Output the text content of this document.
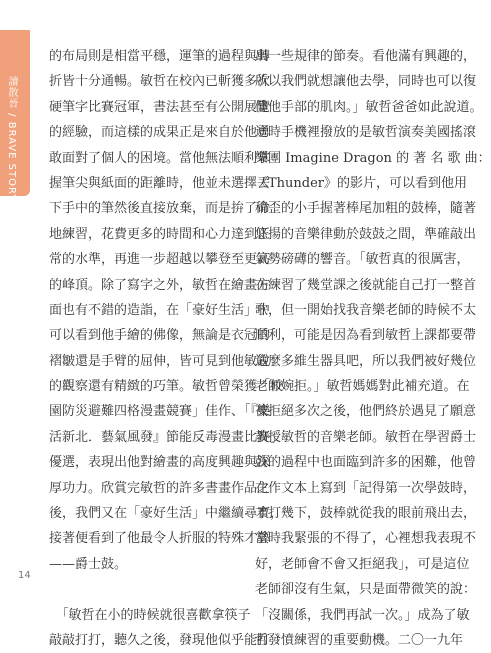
讀散晉 / BRAVE STORY
的布局則是相當平穩，運筆的過程與轉
折皆十分通暢。敏哲在校內已斬獲多次
硬筆字比賽冠軍，書法甚至有公開展覽
的經驗，而這樣的成果正是來自於他勇
敢面對了個人的困境。當他無法順利掌
握筆尖與紙面的距離時，他並未選擇丟
下手中的筆然後直接放棄，而是拚了命
地練習，花費更多的時間和心力達到正
常的水準，再進一步超越以攀登至更高
的峰頂。除了寫字之外，敏哲在繪畫方
面也有不錯的造詣，在「豪好生活」中
可以看到他手繪的佛像，無論是衣冠的
褶皺還是手臂的屈伸，皆可見到他敏銳
的觀察還有精緻的巧筆。敏哲曾榮獲「校
園防災避難四格漫畫競賽」佳作、「『樂
活新北．藝氣風發』節能反毒漫畫比賽」
優選，表現出他對繪畫的高度興趣與深
厚功力。欣賞完敏哲的許多書畫作品之
後，我們又在「豪好生活」中繼續尋寶，
接著便看到了他最令人折服的特殊才藝
——爵士鼓。
　「敏哲在小的時候就很喜歡拿筷子
敲敲打打，聽久之後，發現他似乎能打
出一些規律的節奏。看他滿有興趣的，
所以我們就想讓他去學，同時也可以復
健他手部的肌肉。」敏哲爸爸如此說道。
這時手機裡撥放的是敏哲演奏美國搖滾
樂團 Imagine Dragon 的 著 名 歌 曲：
《Thunder》的影片，可以看到他用
稍歪的小手握著棒尾加粗的鼓棒，隨著
悠揚的音樂律動於鼓鼓之間，準確敲出
氣勢磅礡的響音。「敏哲真的很厲害，
在練習了幾堂課之後就能自己打一整首
歌，但一開始找我音樂老師的時候不太
順利，可能是因為看到敏哲上課都要帶
這麼多維生器具吧，所以我們被好幾位
老師婉拒。」敏哲媽媽對此補充道。在
被拒絕多次之後，他們終於遇見了願意
教授敏哲的音樂老師。敏哲在學習爵士
鼓的過程中也面臨到許多的困難，他曾
在作文本上寫到「記得第一次學鼓時，
才打幾下，鼓棒就從我的眼前飛出去，
當時我緊張的不得了，心裡想我表現不
好，老師會不會又拒絕我」，可是這位
老師卻沒有生氣，只是面帶微笑的說：
「沒關係，我們再試一次。」成為了敏
哲發憤練習的重要動機。二〇一九年
14
